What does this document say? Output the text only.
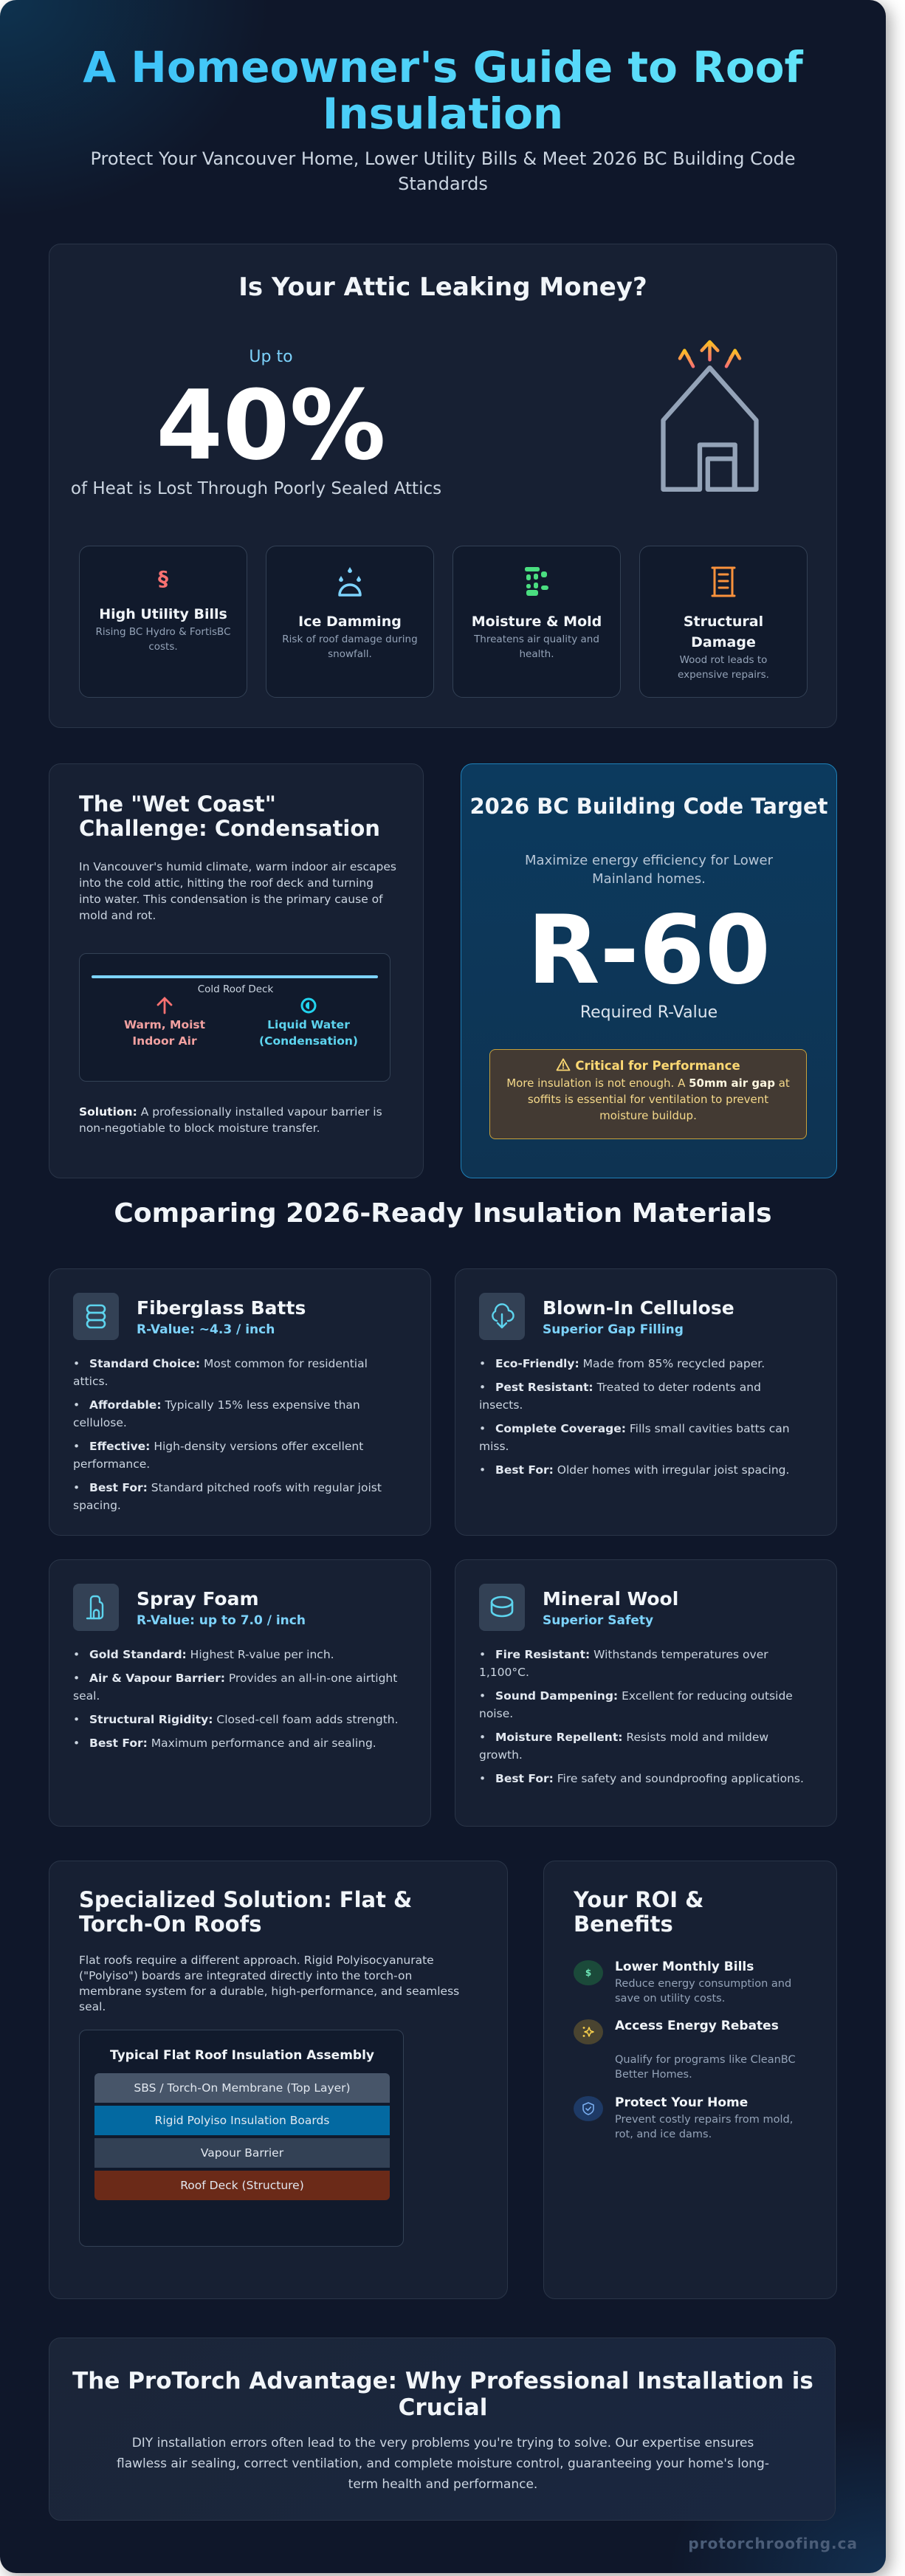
A Homeowner's Guide to Roof Insulation

Protect Your Vancouver Home, Lower Utility Bills & Meet 2026 BC Building Code Standards

Is Your Attic Leaking Money?
Up to
40%
of Heat is Lost Through Poorly Sealed Attics
§
High Utility Bills
Rising BC Hydro & FortisBC costs.
Ice Damming
Risk of roof damage during snowfall.
Moisture & Mold
Threatens air quality and health.
Structural Damage
Wood rot leads to expensive repairs.
The "Wet Coast" Challenge: Condensation

In Vancouver's humid climate, warm indoor air escapes into the cold attic, hitting the roof deck and turning into water. This condensation is the primary cause of mold and rot.

Cold Roof Deck
Warm, Moist Indoor Air
Liquid Water (Condensation)

Solution: A professionally installed vapour barrier is non-negotiable to block moisture transfer.

2026 BC Building Code Target

Maximize energy efficiency for Lower Mainland homes.

R-60
Required R-Value
Critical for Performance
More insulation is not enough. A 50mm air gap at soffits is essential for ventilation to prevent moisture buildup.
Comparing 2026-Ready Insulation Materials
Fiberglass Batts
R-Value: ~4.3 / inch
• Standard Choice: Most common for residential attics.
• Affordable: Typically 15% less expensive than cellulose.
• Effective: High-density versions offer excellent performance.
• Best For: Standard pitched roofs with regular joist spacing.
Blown-In Cellulose
Superior Gap Filling
• Eco-Friendly: Made from 85% recycled paper.
• Pest Resistant: Treated to deter rodents and insects.
• Complete Coverage: Fills small cavities batts can miss.
• Best For: Older homes with irregular joist spacing.
Spray Foam
R-Value: up to 7.0 / inch
• Gold Standard: Highest R-value per inch.
• Air & Vapour Barrier: Provides an all-in-one airtight seal.
• Structural Rigidity: Closed-cell foam adds strength.
• Best For: Maximum performance and air sealing.
Mineral Wool
Superior Safety
• Fire Resistant: Withstands temperatures over 1,100°C.
• Sound Dampening: Excellent for reducing outside noise.
• Moisture Repellent: Resists mold and mildew growth.
• Best For: Fire safety and soundproofing applications.
Specialized Solution: Flat & Torch-On Roofs

Flat roofs require a different approach. Rigid Polyisocyanurate ("Polyiso") boards are integrated directly into the torch-on membrane system for a durable, high-performance, and seamless seal.

Typical Flat Roof Insulation Assembly
SBS / Torch-On Membrane (Top Layer)
Rigid Polyiso Insulation Boards
Vapour Barrier
Roof Deck (Structure)
Your ROI & Benefits
$ Lower Monthly Bills
Reduce energy consumption and save on utility costs.
Access Energy Rebates
Qualify for programs like CleanBC Better Homes.
Protect Your Home
Prevent costly repairs from mold, rot, and ice dams.
The ProTorch Advantage: Why Professional Installation is Crucial

DIY installation errors often lead to the very problems you're trying to solve. Our expertise ensures flawless air sealing, correct ventilation, and complete moisture control, guaranteeing your home's long-term health and performance.

protorchroofing.ca
